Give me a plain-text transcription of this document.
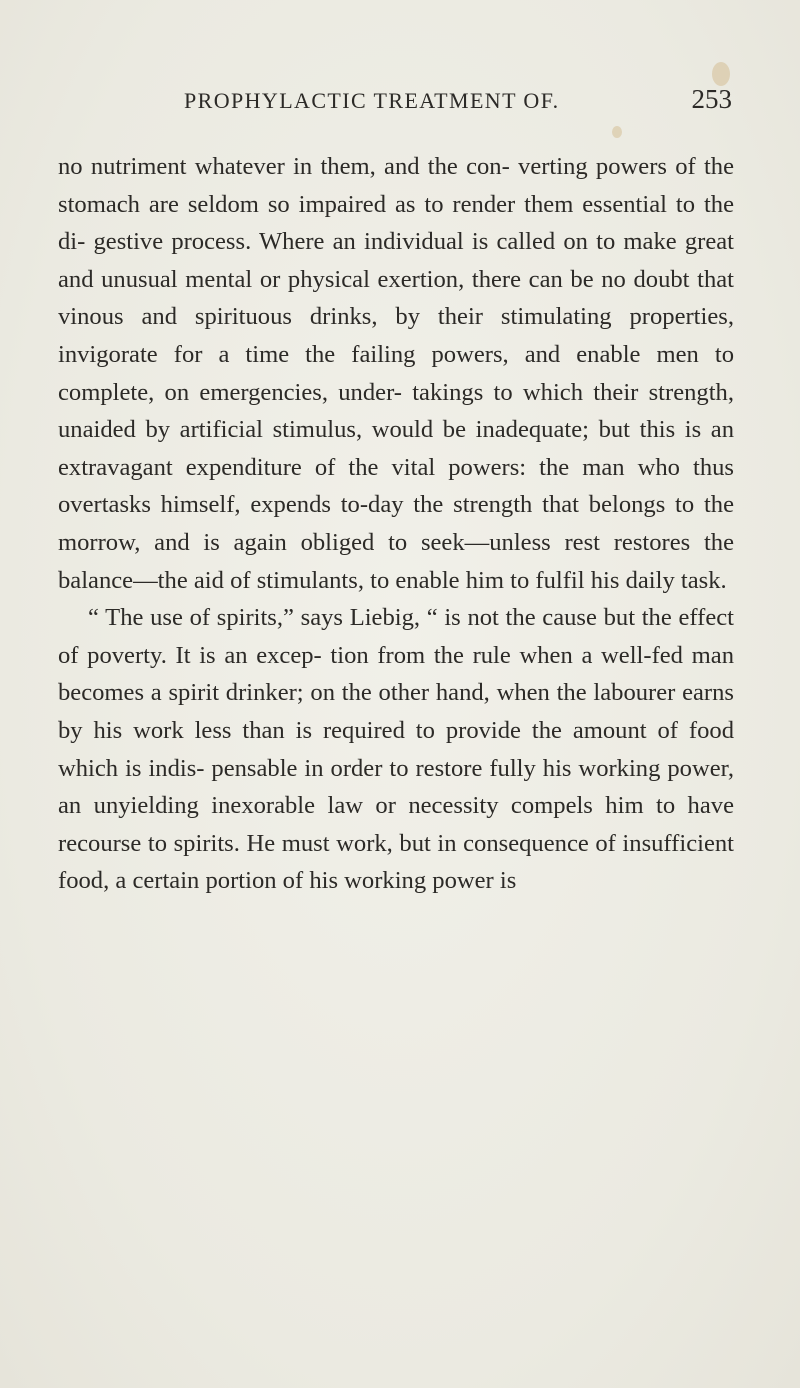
PROPHYLACTIC TREATMENT OF.	253

no nutriment whatever in them, and the con- verting powers of the stomach are seldom so impaired as to render them essential to the di- gestive process. Where an individual is called on to make great and unusual mental or physical exertion, there can be no doubt that vinous and spirituous drinks, by their stimulating properties, invigorate for a time the failing powers, and enable men to complete, on emergencies, under- takings to which their strength, unaided by artificial stimulus, would be inadequate; but this is an extravagant expenditure of the vital powers: the man who thus overtasks himself, expends to-day the strength that belongs to the morrow, and is again obliged to seek—unless rest restores the balance—the aid of stimulants, to enable him to fulfil his daily task.

“ The use of spirits,” says Liebig, “ is not the cause but the effect of poverty. It is an excep- tion from the rule when a well-fed man becomes a spirit drinker; on the other hand, when the labourer earns by his work less than is required to provide the amount of food which is indis- pensable in order to restore fully his working power, an unyielding inexorable law or necessity compels him to have recourse to spirits. He must work, but in consequence of insufficient food, a certain portion of his working power is
